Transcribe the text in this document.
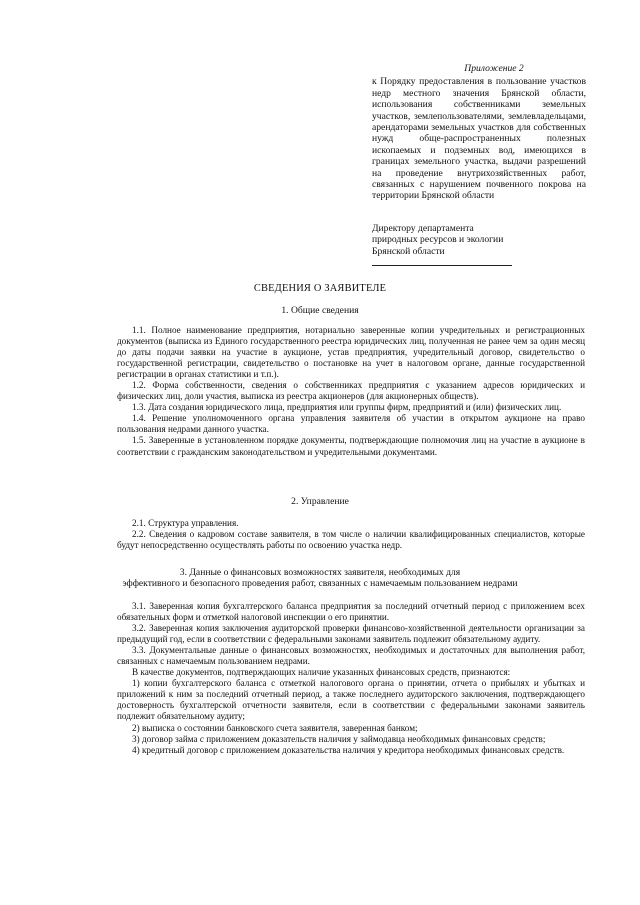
Приложение 2
к Порядку предоставления в пользование участков недр местного значения Брянской области, использования собственниками земельных участков, землепользователями, землевладельцами, арендаторами земельных участков для собственных нужд обще-распространенных полезных ископаемых и подземных вод, имеющихся в границах земельного участка, выдачи разрешений на проведение внутрихозяйственных работ, связанных с нарушением почвенного покрова на территории Брянской области
Директору департамента
природных ресурсов и экологии
Брянской области
СВЕДЕНИЯ О ЗАЯВИТЕЛЕ
1. Общие сведения

1.1. Полное наименование предприятия, нотариально заверенные копии учредительных и регистрационных документов (выписка из Единого государственного реестра юридических лиц, полученная не ранее чем за один месяц до даты подачи заявки на участие в аукционе, устав предприятия, учредительный договор, свидетельство о государственной регистрации, свидетельство о постановке на учет в налоговом органе, данные государственной регистрации в органах статистики и т.п.).

1.2. Форма собственности, сведения о собственниках предприятия с указанием адресов юридических и физических лиц, доли участия, выписка из реестра акционеров (для акционерных обществ).

1.3. Дата создания юридического лица, предприятия или группы фирм, предприятий и (или) физических лиц.

1.4. Решение уполномоченного органа управления заявителя об участии в открытом аукционе на право пользования недрами данного участка.

1.5. Заверенные в установленном порядке документы, подтверждающие полномочия лиц на участие в аукционе в соответствии с гражданским законодательством и учредительными документами.

2. Управление

2.1. Структура управления.

2.2. Сведения о кадровом составе заявителя, в том числе о наличии квалифицированных специалистов, которые будут непосредственно осуществлять работы по освоению участка недр.

3. Данные о финансовых возможностях заявителя, необходимых для
эффективного и безопасного проведения работ, связанных с намечаемым пользованием недрами

3.1. Заверенная копия бухгалтерского баланса предприятия за последний отчетный период с приложением всех обязательных форм и отметкой налоговой инспекции о его принятии.

3.2. Заверенная копия заключения аудиторской проверки финансово-хозяйственной деятельности организации за предыдущий год, если в соответствии с федеральными законами заявитель подлежит обязательному аудиту.

3.3. Документальные данные о финансовых возможностях, необходимых и достаточных для выполнения работ, связанных с намечаемым пользованием недрами.

В качестве документов, подтверждающих наличие указанных финансовых средств, признаются:

1) копии бухгалтерского баланса с отметкой налогового органа о принятии, отчета о прибылях и убытках и приложений к ним за последний отчетный период, а также последнего аудиторского заключения, подтверждающего достоверность бухгалтерской отчетности заявителя, если в соответствии с федеральными законами заявитель подлежит обязательному аудиту;

2) выписка о состоянии банковского счета заявителя, заверенная банком;

3) договор займа с приложением доказательств наличия у займодавца необходимых финансовых средств;

4) кредитный договор с приложением доказательства наличия у кредитора необходимых финансовых средств.
